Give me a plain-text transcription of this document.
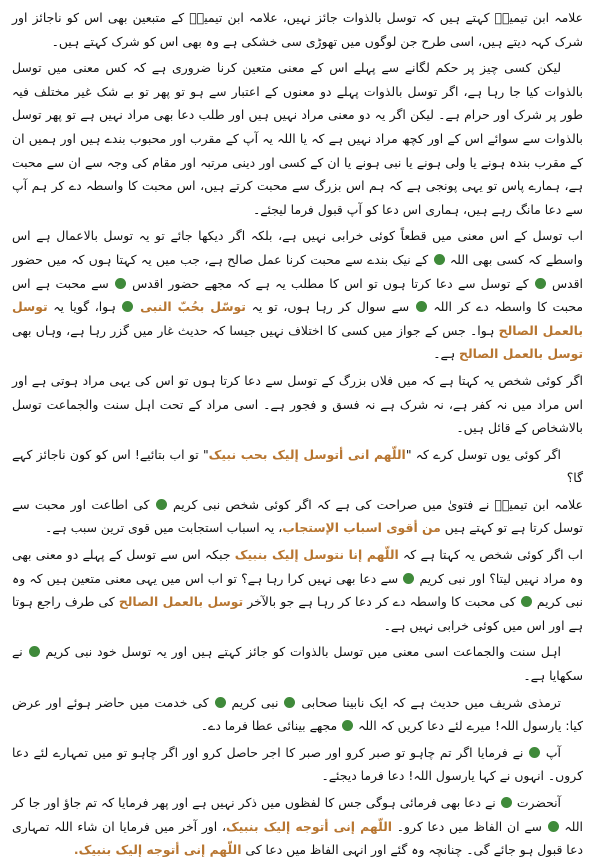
علامہ ابن تیمیہؒ کہتے ہیں کہ توسل بالذوات جائز نہیں، علامہ ابن تیمیہؒ کے متبعین بھی اس کو ناجائز اور شرک کہہ دیتے ہیں، اسی طرح جن لوگوں میں تھوڑی سی خشکی ہے وہ بھی اس کو شرک کہتے ہیں۔

لیکن کسی چیز پر حکم لگانے سے پہلے اس کے معنی متعین کرنا ضروری ہے کہ کس معنی میں توسل بالذوات کیا جا رہا ہے، اگر توسل بالذوات پہلے دو معنوں کے اعتبار سے ہو تو پھر تو بے شک غیر مختلف فیہ طور پر شرک اور حرام ہے۔ لیکن اگر یہ دو معنی مراد نہیں ہیں اور طلب دعا بھی مراد نہیں ہے تو پھر توسل بالذوات سے سوائے اس کے اور کچھ مراد نہیں ہے کہ یا اللہ یہ آپ کے مقرب اور محبوب بندے ہیں اور ہمیں ان کے مقرب بندہ ہونے یا ولی ہونے یا نبی ہونے یا ان کے کسی اور دینی مرتبہ اور مقام کی وجہ سے ان سے محبت ہے، ہمارے پاس تو یہی پونجی ہے کہ ہم اس بزرگ سے محبت کرتے ہیں، اس محبت کا واسطہ دے کر ہم آپ سے دعا مانگ رہے ہیں، ہماری اس دعا کو آپ قبول فرما لیجئے۔

اب توسل کے اس معنی میں قطعاً کوئی خرابی نہیں ہے، بلکہ اگر دیکھا جائے تو یہ توسل بالاعمال ہے اس واسطے کہ کسی بھی اللہ  کے نیک بندے سے محبت کرنا عمل صالح ہے، جب میں یہ کہتا ہوں کہ میں حضور اقدس  کے توسل سے دعا کرتا ہوں تو اس کا مطلب یہ ہے کہ مجھے حضور اقدس  سے محبت ہے اس محبت کا واسطہ دے کر اللہ  سے سوال کر رہا ہوں، تو یہ توسّل بحُبّ النبی  ہوا، گویا یہ توسل بالعمل الصالح ہوا۔ جس کے جواز میں کسی کا اختلاف نہیں جیسا کہ حدیث غار میں گزر رہا ہے، وہاں بھی توسل بالعمل الصالح ہے۔

اگر کوئی شخص یہ کہتا ہے کہ میں فلاں بزرگ کے توسل سے دعا کرتا ہوں تو اس کی یہی مراد ہوتی ہے اور اس مراد میں نہ کفر ہے، نہ شرک ہے نہ فسق و فجور ہے۔ اسی مراد کے تحت اہل سنت والجماعت توسل بالاشخاص کے قائل ہیں۔

اگر کوئی یوں توسل کرے کہ "اللّهم انی أتوسل إليک بحب نبيک" تو اب بتائیے! اس کو کون ناجائز کہے گا؟

علامہ ابن تیمیہؒ نے فتویٰ میں صراحت کی ہے کہ اگر کوئی شخص نبی کریم  کی اطاعت اور محبت سے توسل کرتا ہے تو کہتے ہیں من أقوی اسباب الإستجاب، یہ اسباب استجابت میں قوی ترین سبب ہے۔

اب اگر کوئی شخص یہ کہتا ہے کہ اللّهم إنا نتوسل إليک بنبيک جبکہ اس سے توسل کے پہلے دو معنی بھی وہ مراد نہیں لیتا؟ اور نبی کریم  سے دعا بھی نہیں کرا رہا ہے؟ تو اب اس میں یہی معنی متعین ہیں کہ وہ نبی کریم  کی محبت کا واسطہ دے کر دعا کر رہا ہے جو بالآخر توسل بالعمل الصالح کی طرف راجع ہوتا ہے اور اس میں کوئی خرابی نہیں ہے۔

اہل سنت والجماعت اسی معنی میں توسل بالذوات کو جائز کہتے ہیں اور یہ توسل خود نبی کریم  نے سکھایا ہے۔

ترمذی شریف میں حدیث ہے کہ ایک نابینا صحابی  نبی کریم  کی خدمت میں حاضر ہوئے اور عرض کیا: یارسول اللہ! میرے لئے دعا کریں کہ اللہ  مجھے بینائی عطا فرما دے۔

آپ  نے فرمایا اگر تم چاہو تو صبر کرو اور صبر کا اجر حاصل کرو اور اگر چاہو تو میں تمہارے لئے دعا کروں۔ انہوں نے کہا یارسول اللہ! دعا فرما دیجئے۔

آنحضرت  نے دعا بھی فرمائی ہوگی جس کا لفظوں میں ذکر نہیں ہے اور پھر فرمایا کہ تم جاؤ اور جا کر اللہ  سے ان الفاظ میں دعا کرو۔ اللّهم إنی أتوجه إليک بنبيک، اور آخر میں فرمایا ان شاء اللہ تمہاری دعا قبول ہو جائے گی۔ چنانچہ وہ گئے اور انہی الفاظ میں دعا کی اللّهم إنی أتوجه إليک بنبيک.
